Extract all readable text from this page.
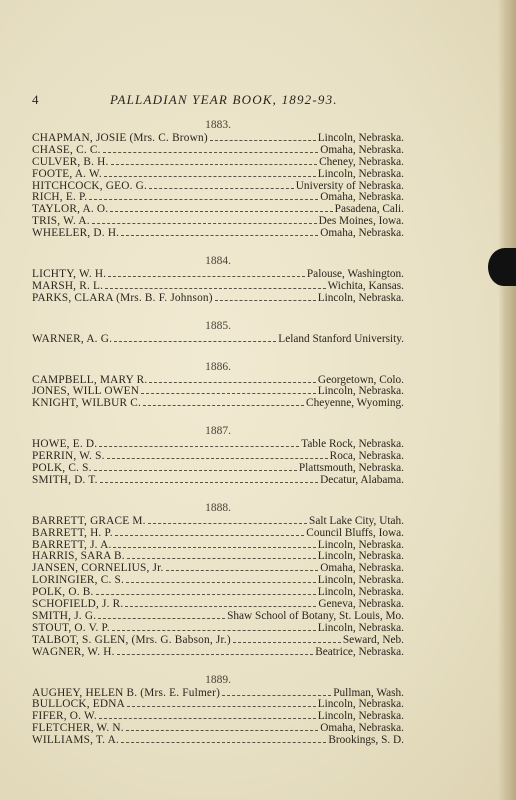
4	PALLADIAN YEAR BOOK, 1892-93.
1883.
CHAPMAN, JOSIE (Mrs. C. Brown)	Lincoln, Nebraska.
CHASE, C. C.	Omaha, Nebraska.
CULVER, B. H.	Cheney, Nebraska.
FOOTE, A. W.	Lincoln, Nebraska.
HITCHCOCK, GEO. G.	University of Nebraska.
RICH, E. P.	Omaha, Nebraska.
TAYLOR, A. O.	Pasadena, Cali.
TRIS, W. A.	Des Moines, Iowa.
WHEELER, D. H.	Omaha, Nebraska.
1884.
LICHTY, W. H.	Palouse, Washington.
MARSH, R. L.	Wichita, Kansas.
PARKS, CLARA (Mrs. B. F. Johnson)	Lincoln, Nebraska.
1885.
WARNER, A. G.	Leland Stanford University.
1886.
CAMPBELL, MARY R.	Georgetown, Colo.
JONES, WILL OWEN	Lincoln, Nebraska.
KNIGHT, WILBUR C.	Cheyenne, Wyoming.
1887.
HOWE, E. D.	Table Rock, Nebraska.
PERRIN, W. S.	Roca, Nebraska.
POLK, C. S.	Plattsmouth, Nebraska.
SMITH, D. T.	Decatur, Alabama.
1888.
BARRETT, GRACE M.	Salt Lake City, Utah.
BARRETT, H. P.	Council Bluffs, Iowa.
BARRETT, J. A.	Lincoln, Nebraska.
HARRIS, SARA B.	Lincoln, Nebraska.
JANSEN, CORNELIUS, Jr.	Omaha, Nebraska.
LORINGIER, C. S.	Lincoln, Nebraska.
POLK, O. B.	Lincoln, Nebraska.
SCHOFIELD, J. R.	Geneva, Nebraska.
SMITH, J. G.	Shaw School of Botany, St. Louis, Mo.
STOUT, O. V. P.	Lincoln, Nebraska.
TALBOT, S. GLEN, (Mrs. G. Babson, Jr.)	Seward, Neb.
WAGNER, W. H.	Beatrice, Nebraska.
1889.
AUGHEY, HELEN B. (Mrs. E. Fulmer)	Pullman, Wash.
BULLOCK, EDNA	Lincoln, Nebraska.
FIFER, O. W.	Lincoln, Nebraska.
FLETCHER, W. N.	Omaha, Nebraska.
WILLIAMS, T. A.	Brookings, S. D.
